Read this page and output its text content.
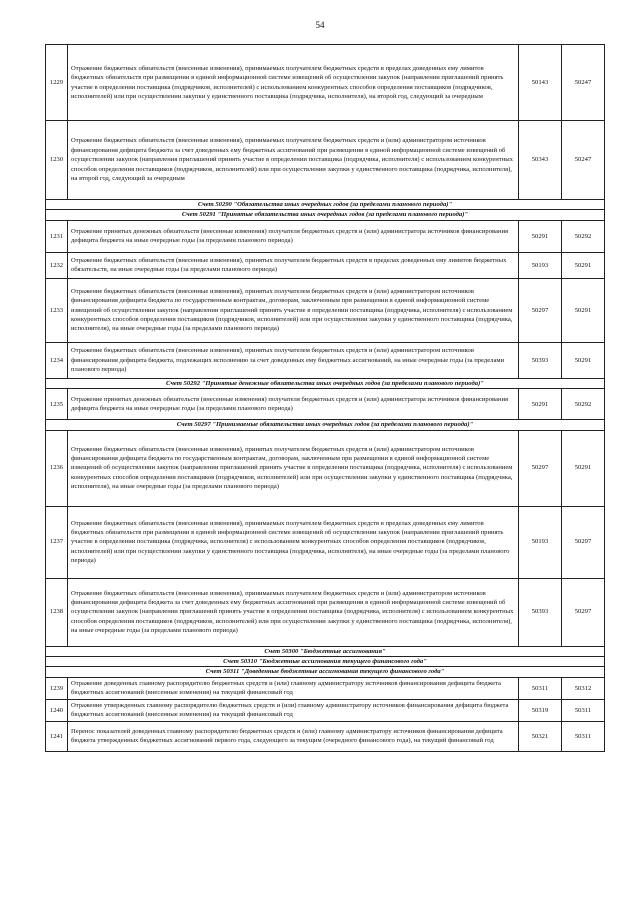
54
1229	Отражение бюджетных обязательств (внесенные изменения), принимаемых получателем бюджетных средств в пределах доведенных ему лимитов бюджетных обязательств при размещении в единой информационной системе извещений об осуществлении закупок (направлении приглашений принять участие в определении поставщика (подрядчиков, исполнителей) с использованием конкурентных способов определения поставщиков (подрядчиков, исполнителей) или при осуществлении закупки у единственного поставщика (подрядчика, исполнителя), на второй год, следующий за очередным	50143	50247
1230	Отражение бюджетных обязательств (внесенные изменения), принимаемых получателем бюджетных средств и (или) администратором источников финансирования дефицита бюджета за счет доведенных ему бюджетных ассигнований при размещении в единой информационной системе извещений об осуществлении закупок (направления приглашений принять участие в определении поставщика (подрядчика, исполнителя) с использованием конкурентных способов определения поставщиков (подрядчиков, исполнителей) или при осуществлении закупки у единственного поставщика (подрядчика, исполнителя), на второй год, следующий за очередным	50343	50247
Счет 50290 "Обязательства иных очередных годов (за пределами планового периода)"			
Счет 50291 "Принятые обязательства иных очередных годов (за пределами планового периода)"			
1231	Отражение принятых денежных обязательств (внесенные изменения) получателя бюджетных средств и (или) администратора источников финансирования дефицита бюджета на иные очередные годы (за пределами планового периода)	50291	50292
1232	Отражение бюджетных обязательств (внесенные изменения), принятых получателем бюджетных средств в пределах доведенных ему лимитов бюджетных обязательств, на иные очередные годы (за пределами планового периода)	50193	50291
1233	Отражение бюджетных обязательств (внесенные изменения), принятых получателем бюджетных средств и (или) администратором источников финансирования дефицита бюджета по государственным контрактам, договорам, заключенным при размещении в единой информационной системе извещений об осуществлении закупок (направлении приглашений принять участие в определении поставщика (подрядчика, исполнителя) с использованием конкурентных способов определения поставщиков (подрядчиков, исполнителей) или при осуществлении закупки у единственного поставщика (подрядчика, исполнителя), на иные очередные годы (за пределами планового периода)	50297	50291
1234	Отражение бюджетных обязательств (внесенные изменения), принятых получателем бюджетных средств и (или) администратором источников финансирования дефицита бюджета, подлежащих исполнению за счет доведенных ему бюджетных ассигнований, на иные очередные годы (за пределами планового периода)	50393	50291
Счет 50292 "Принятые денежные обязательства иных очередных годов (за пределами планового периода)"			
1235	Отражение принятых денежных обязательств (внесенные изменения) получателя бюджетных средств и (или) администратора источников финансирования дефицита бюджета на иные очередные годы (за пределами планового периода)	50291	50292
Счет 50297 "Принимаемые обязательства иных очередных годов (за пределами планового периода)"			
1236	Отражение бюджетных обязательств (внесенные изменения), принятых получателем бюджетных средств и (или) администратором источников финансирования дефицита бюджета по государственным контрактам, договорам, заключенным при размещении в единой информационной системе извещений об осуществлении закупок (направлении приглашений принять участие в определении поставщика (подрядчика, исполнителя) с использованием конкурентных способов определения поставщиков (подрядчиков, исполнителей) или при осуществлении закупки у единственного поставщика (подрядчика, исполнителя), на иные очередные годы (за пределами планового периода)	50297	50291
1237	Отражение бюджетных обязательств (внесенные изменения), принимаемых получателем бюджетных средств в пределах доведенных ему лимитов бюджетных обязательств при размещении в единой информационной системе извещений об осуществлении закупок (направлении приглашений принять участие в определении поставщика (подрядчика, исполнителя) с использованием конкурентных способов определения поставщиков (подрядчиков, исполнителей) или при осуществлении закупки у единственного поставщика (подрядчика, исполнителя), на иные очередные годы (за пределами планового периода)	50193	50297
1238	Отражение бюджетных обязательств (внесенные изменения), принимаемых получателем бюджетных средств и (или) администратором источников финансирования дефицита бюджета за счет доведенных ему бюджетных ассигнований при размещении в единой информационной системе извещений об осуществлении закупок (направлении приглашений принять участие в определении поставщика (подрядчика, исполнителя) с использованием конкурентных способов определения поставщиков (подрядчиков, исполнителей) или при осуществлении закупки у единственного поставщика (подрядчика, исполнителя), на иные очередные годы (за пределами планового периода)	50393	50297
Счет 50300 "Бюджетные ассигнования"			
Счет 50310 "Бюджетные ассигнования текущего финансового года"			
Счет 50311 "Доведенные бюджетные ассигнования текущего финансового года"			
1239	Отражение доведенных главному распорядителю бюджетных средств и (или) главному администратору источников финансирования дефицита бюджета бюджетных ассигнований (внесенные изменения) на текущий финансовый год	50311	50312
1240	Отражение утвержденных главному распорядителю бюджетных средств и (или) главному администратору источников финансирования дефицита бюджета бюджетных ассигнований (внесенные изменения) на текущий финансовый год	50319	50311
1241	Перенос показателей доведенных главному распорядителю бюджетных средств и (или) главному администратору источников финансирования дефицита бюджета утвержденных бюджетных ассигнований первого года, следующего за текущим (очередного финансового года), на текущий финансовый год	50321	50311
